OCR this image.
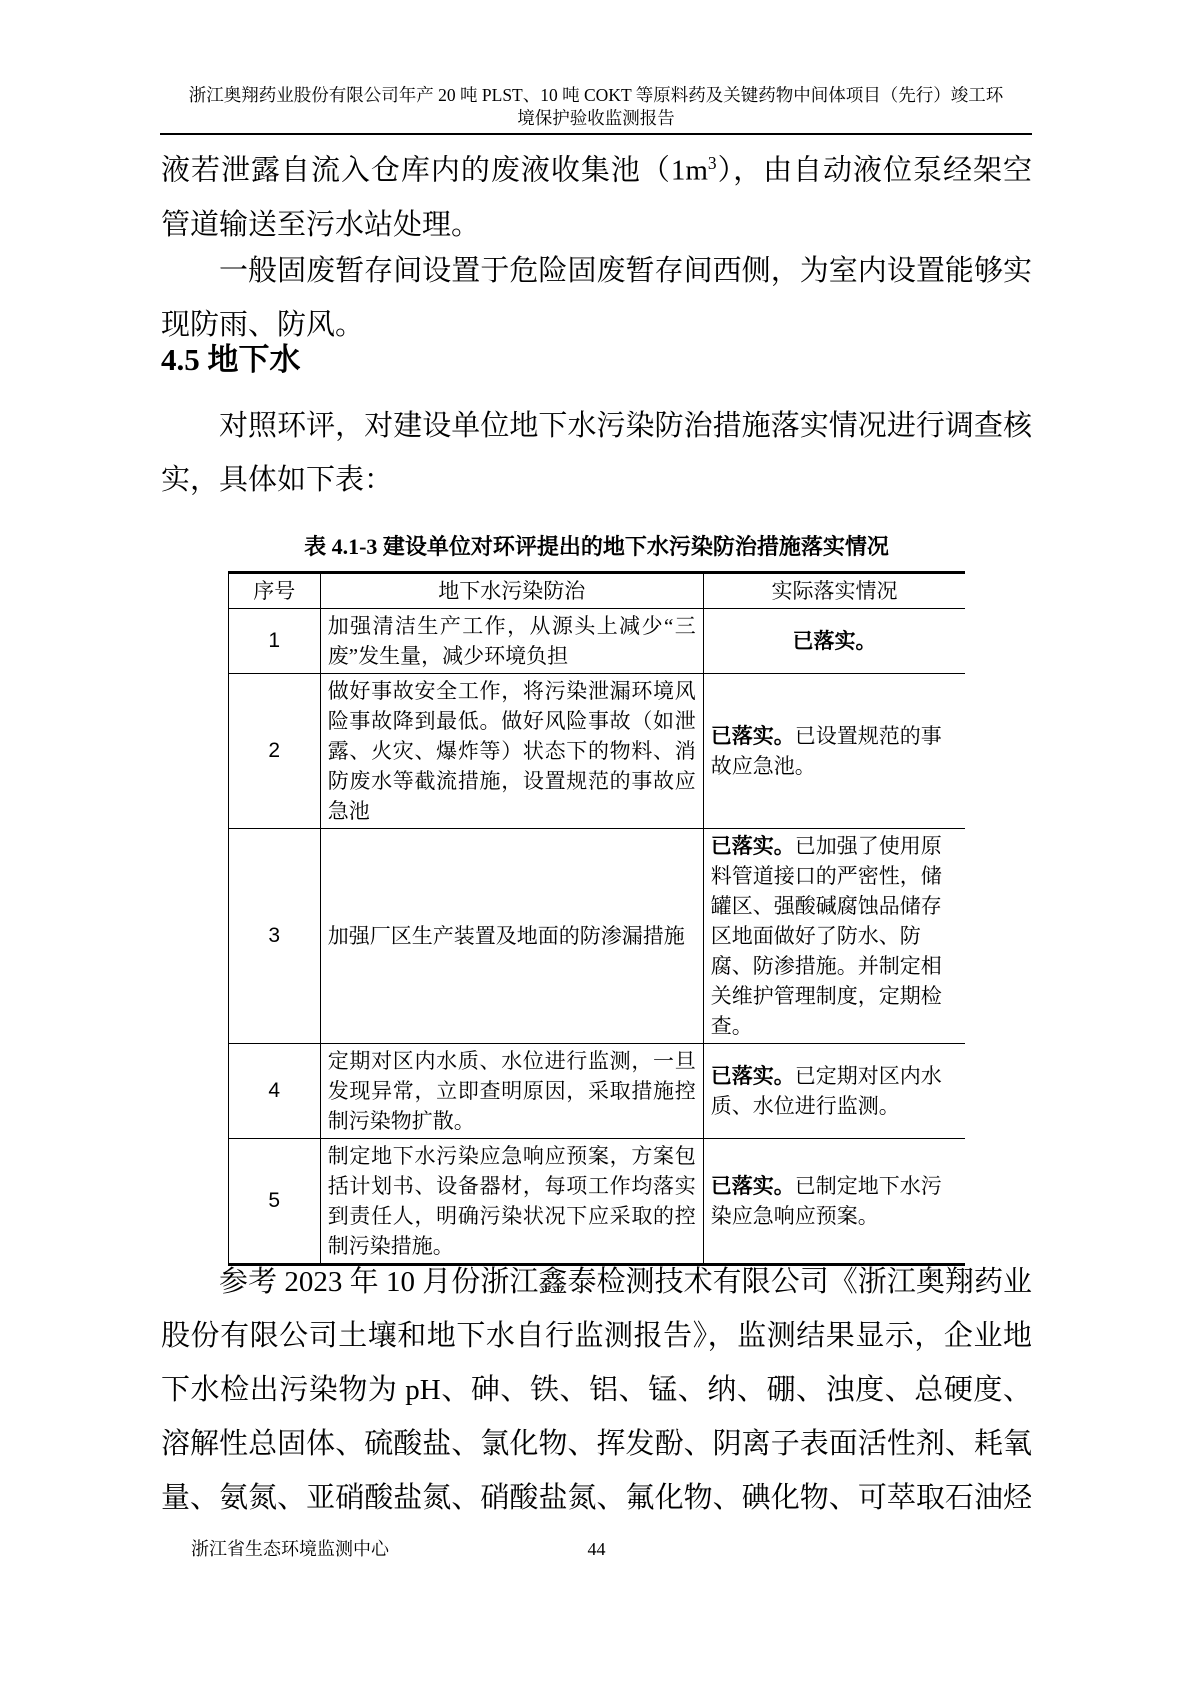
浙江奥翔药业股份有限公司年产 20 吨 PLST、10 吨 COKT 等原料药及关键药物中间体项目（先行）竣工环
境保护验收监测报告

液若泄露自流入仓库内的废液收集池$(1m^3)$，由自动液位泵经架空管道输送至污水站处理。

一般固废暂存间设置于危险固废暂存间西侧，为室内设置能够实现防雨、防风。

4.5 地下水

对照环评，对建设单位地下水污染防治措施落实情况进行调查核实，具体如下表：

表 4.1-3 建设单位对环评提出的地下水污染防治措施落实情况
序号	地下水污染防治	实际落实情况
1	加强清洁生产工作，从源头上减少“三废”发生量，减少环境负担	已落实。
2	做好事故安全工作，将污染泄漏环境风险事故降到最低。做好风险事故（如泄露、火灾、爆炸等）状态下的物料、消防废水等截流措施，设置规范的事故应急池	已落实。已设置规范的事故应急池。
3	加强厂区生产装置及地面的防渗漏措施	已落实。已加强了使用原料管道接口的严密性，储罐区、强酸碱腐蚀品储存区地面做好了防水、防腐、防渗措施。并制定相关维护管理制度，定期检查。
4	定期对区内水质、水位进行监测，一旦发现异常，立即查明原因，采取措施控制污染物扩散。	已落实。已定期对区内水质、水位进行监测。
5	制定地下水污染应急响应预案，方案包括计划书、设备器材，每项工作均落实到责任人，明确污染状况下应采取的控制污染措施。	已落实。已制定地下水污染应急响应预案。

参考 2023 年 10 月份浙江鑫泰检测技术有限公司《浙江奥翔药业股份有限公司土壤和地下水自行监测报告》，监测结果显示，企业地下水检出污染物为 pH、砷、铁、铝、锰、纳、硼、浊度、总硬度、溶解性总固体、硫酸盐、氯化物、挥发酚、阴离子表面活性剂、耗氧量、氨氮、亚硝酸盐氮、硝酸盐氮、氟化物、碘化物、可萃取石油烃

44
浙江省生态环境监测中心
